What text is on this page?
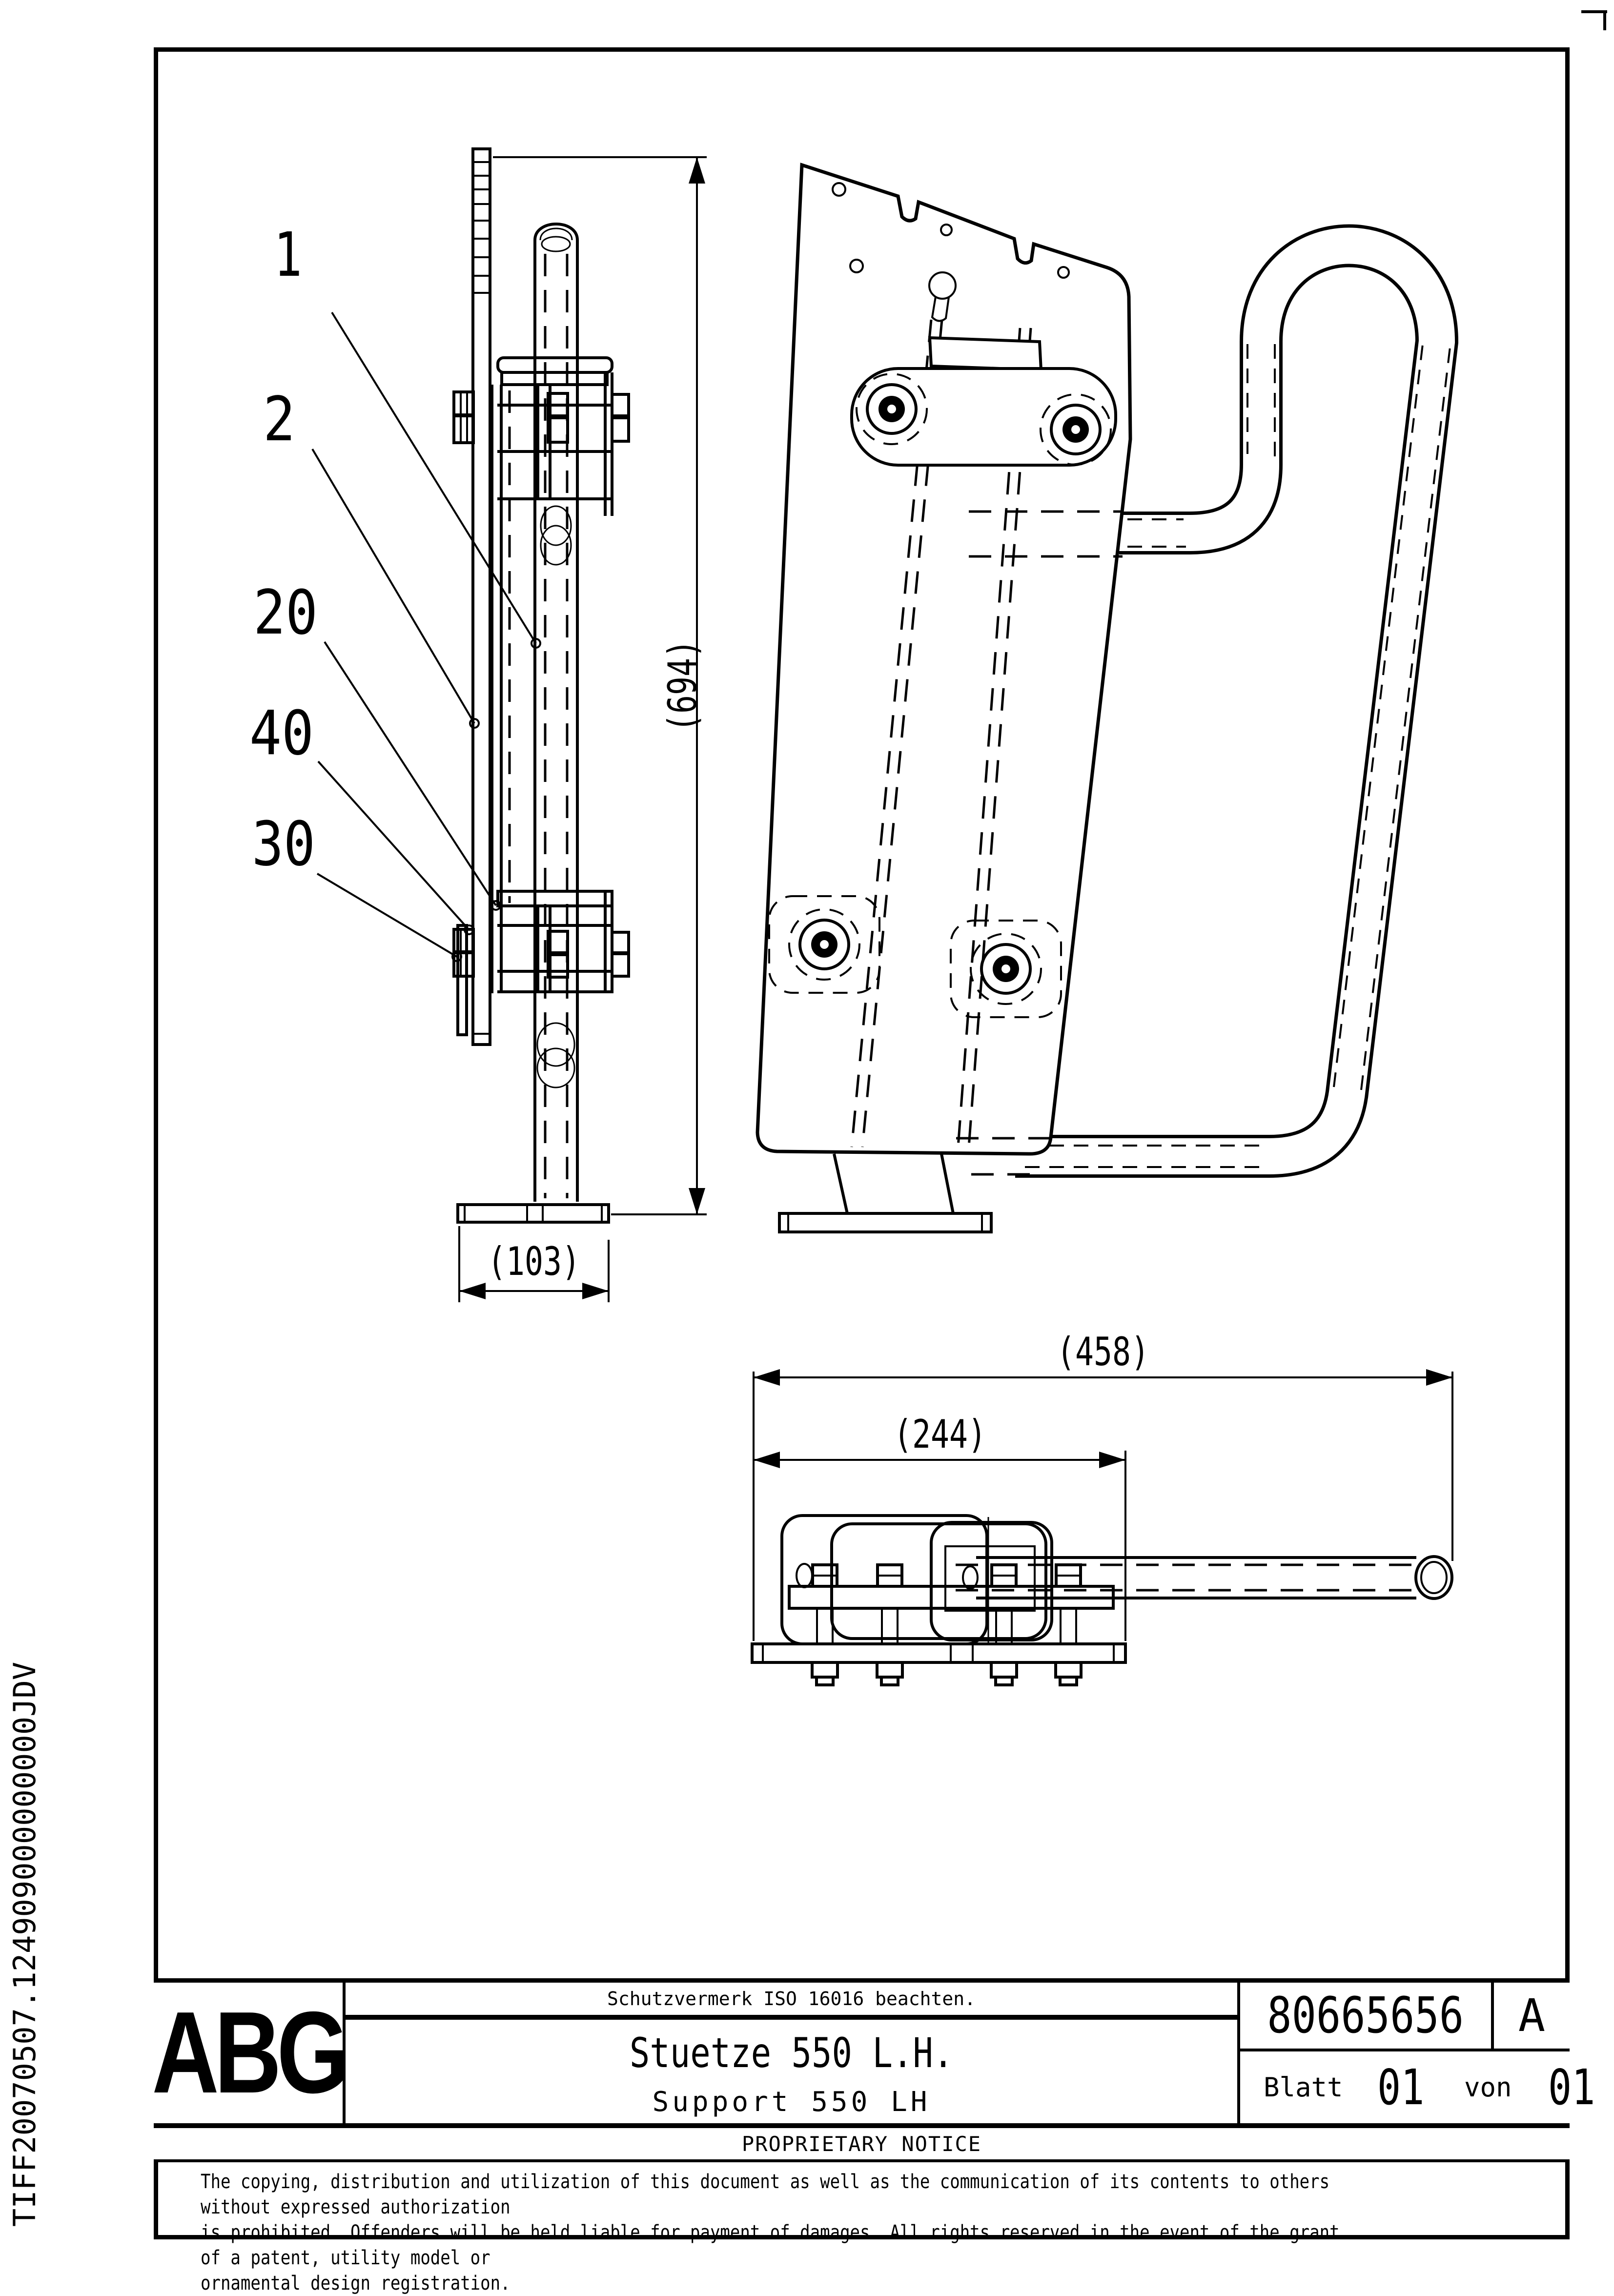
TIFF20070507.124909000000000JDV
(694)
(103)
1
2
20
40
30
(458)
(244)
ABG	Schutzvermerk ISO 16016 beachten.
Stuetze 550 L.H.
Support 550 LH
80665656 A
Blatt 01 von 01
PROPRIETARY NOTICE
The copying, distribution and utilization of this document as well as the communication of its contents to others without expressed authorization
is prohibited. Offenders will be held liable for payment of damages. All rights reserved in the event of the grant of a patent, utility model or
ornamental design registration.
